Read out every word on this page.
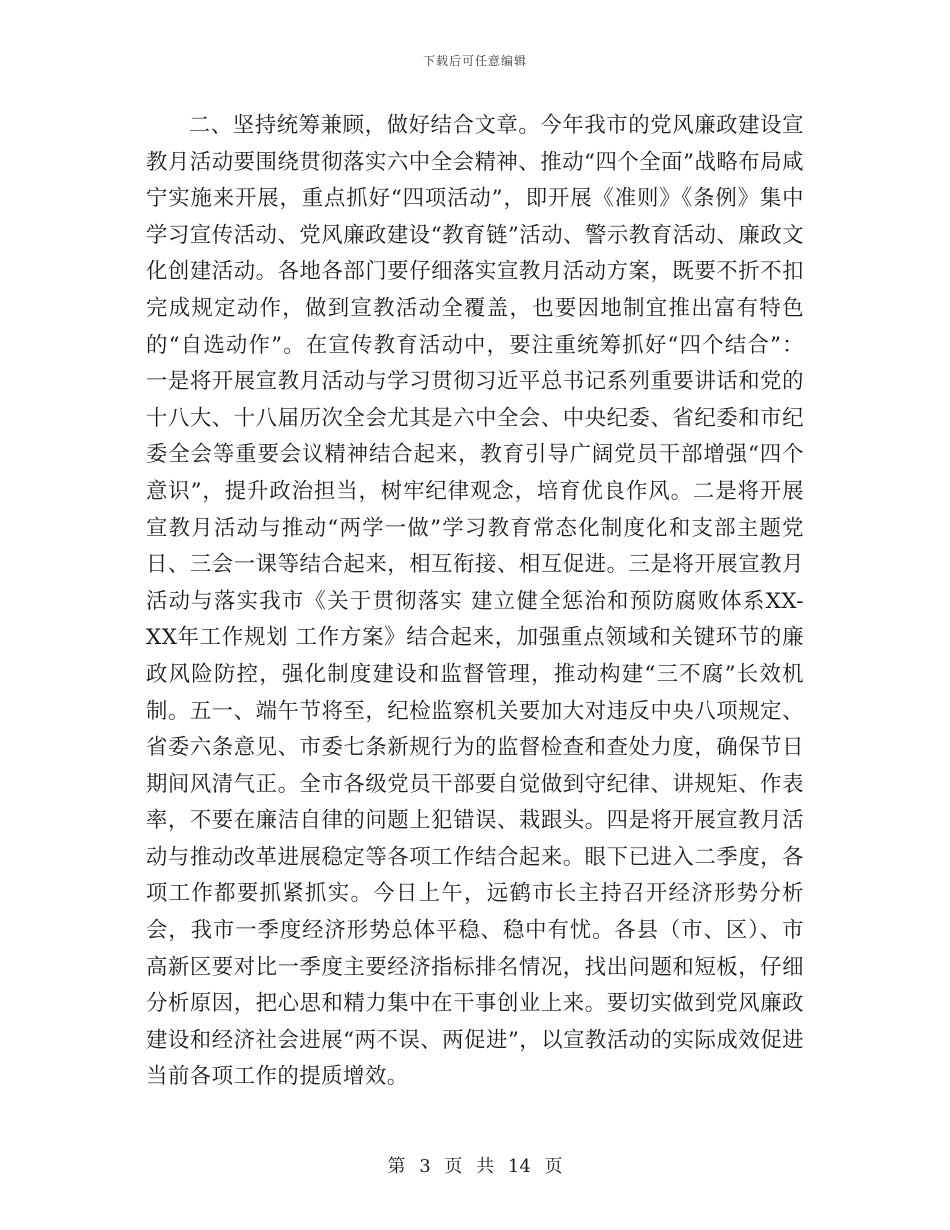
下载后可任意编辑

二、坚持统筹兼顾，做好结合文章。今年我市的党风廉政建设宣教月活动要围绕贯彻落实六中全会精神、推动“四个全面”战略布局咸宁实施来开展，重点抓好“四项活动”，即开展《准则》《条例》集中学习宣传活动、党风廉政建设“教育链”活动、警示教育活动、廉政文化创建活动。各地各部门要仔细落实宣教月活动方案，既要不折不扣完成规定动作，做到宣教活动全覆盖，也要因地制宜推出富有特色的“自选动作”。在宣传教育活动中，要注重统筹抓好“四个结合”：一是将开展宣教月活动与学习贯彻习近平总书记系列重要讲话和党的十八大、十八届历次全会尤其是六中全会、中央纪委、省纪委和市纪委全会等重要会议精神结合起来，教育引导广阔党员干部增强“四个意识”，提升政治担当，树牢纪律观念，培育优良作风。二是将开展宣教月活动与推动“两学一做”学习教育常态化制度化和支部主题党日、三会一课等结合起来，相互衔接、相互促进。三是将开展宣教月活动与落实我市《关于贯彻落实 建立健全惩治和预防腐败体系XX-XX年工作规划 工作方案》结合起来，加强重点领域和关键环节的廉政风险防控，强化制度建设和监督管理，推动构建“三不腐”长效机制。五一、端午节将至，纪检监察机关要加大对违反中央八项规定、省委六条意见、市委七条新规行为的监督检查和查处力度，确保节日期间风清气正。全市各级党员干部要自觉做到守纪律、讲规矩、作表率，不要在廉洁自律的问题上犯错误、栽跟头。四是将开展宣教月活动与推动改革进展稳定等各项工作结合起来。眼下已进入二季度，各项工作都要抓紧抓实。今日上午，远鹤市长主持召开经济形势分析会，我市一季度经济形势总体平稳、稳中有忧。各县（市、区）、市高新区要对比一季度主要经济指标排名情况，找出问题和短板，仔细分析原因，把心思和精力集中在干事创业上来。要切实做到党风廉政建设和经济社会进展“两不误、两促进”，以宣教活动的实际成效促进当前各项工作的提质增效。

第 3 页 共 14 页
